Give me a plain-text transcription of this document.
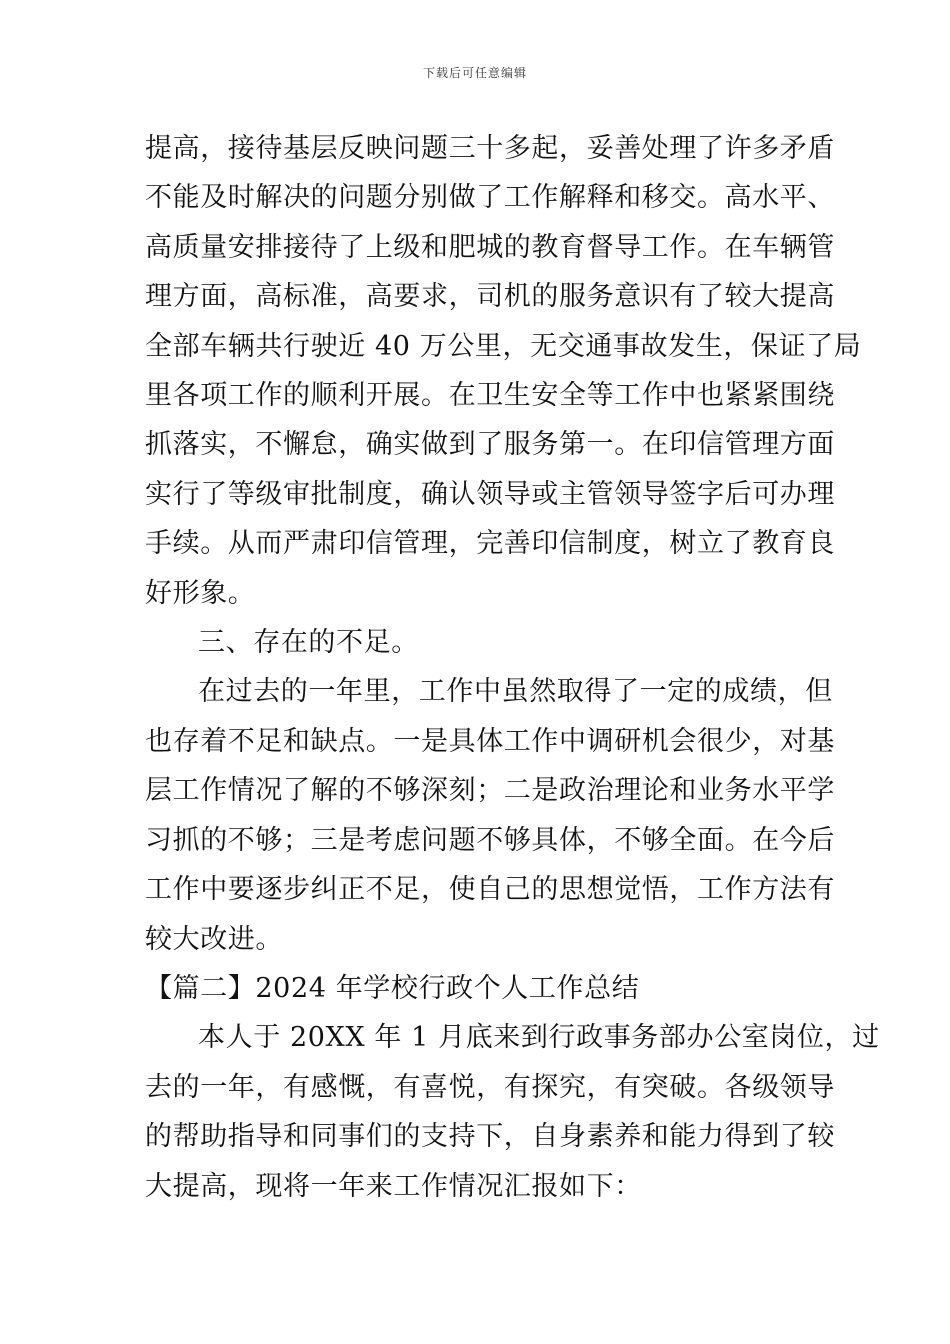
下载后可任意编辑

提高，接待基层反映问题三十多起，妥善处理了许多矛盾
不能及时解决的问题分别做了工作解释和移交。高水平、
高质量安排接待了上级和肥城的教育督导工作。在车辆管
理方面，高标准，高要求，司机的服务意识有了较大提高
全部车辆共行驶近 40 万公里，无交通事故发生，保证了局
里各项工作的顺利开展。在卫生安全等工作中也紧紧围绕
抓落实，不懈怠，确实做到了服务第一。在印信管理方面
实行了等级审批制度，确认领导或主管领导签字后可办理
手续。从而严肃印信管理，完善印信制度，树立了教育良
好形象。

三、存在的不足。

在过去的一年里，工作中虽然取得了一定的成绩，但
也存着不足和缺点。一是具体工作中调研机会很少，对基
层工作情况了解的不够深刻；二是政治理论和业务水平学
习抓的不够；三是考虑问题不够具体，不够全面。在今后
工作中要逐步纠正不足，使自己的思想觉悟，工作方法有
较大改进。

【篇二】2024 年学校行政个人工作总结

本人于 20XX 年 1 月底来到行政事务部办公室岗位，过
去的一年，有感慨，有喜悦，有探究，有突破。各级领导
的帮助指导和同事们的支持下，自身素养和能力得到了较
大提高，现将一年来工作情况汇报如下：
